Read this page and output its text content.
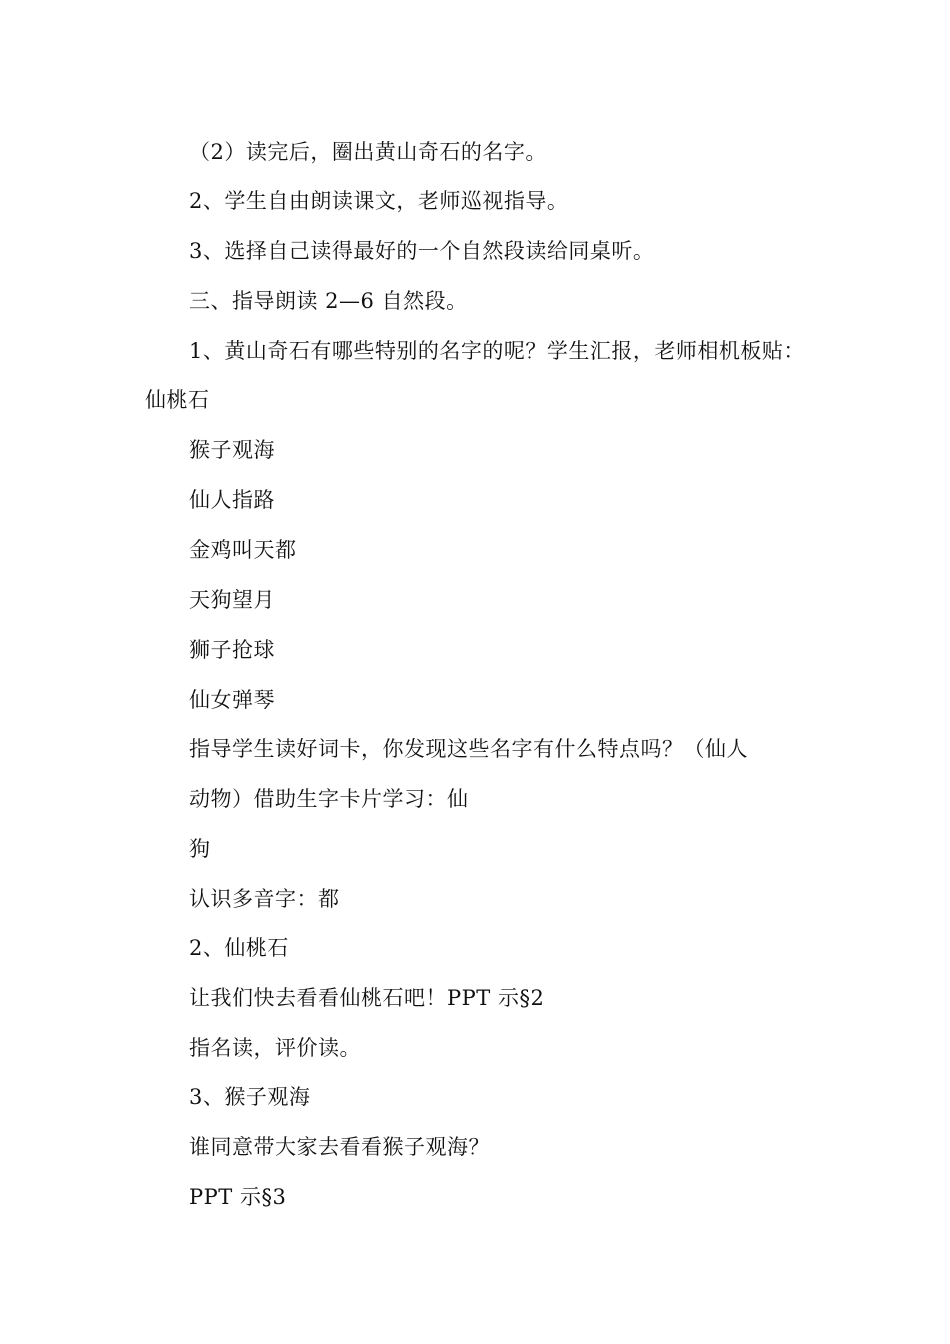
（2）读完后，圈出黄山奇石的名字。
2、学生自由朗读课文，老师巡视指导。
3、选择自己读得最好的一个自然段读给同桌听。
三、指导朗读 2—6 自然段。
1、黄山奇石有哪些特别的名字的呢？学生汇报，老师相机板贴：
仙桃石
猴子观海
仙人指路
金鸡叫天都
天狗望月
狮子抢球
仙女弹琴
指导学生读好词卡，你发现这些名字有什么特点吗？（仙人
动物）借助生字卡片学习：仙
狗
认识多音字：都
2、仙桃石
让我们快去看看仙桃石吧！PPT 示§2
指名读，评价读。
3、猴子观海
谁同意带大家去看看猴子观海？
PPT 示§3
